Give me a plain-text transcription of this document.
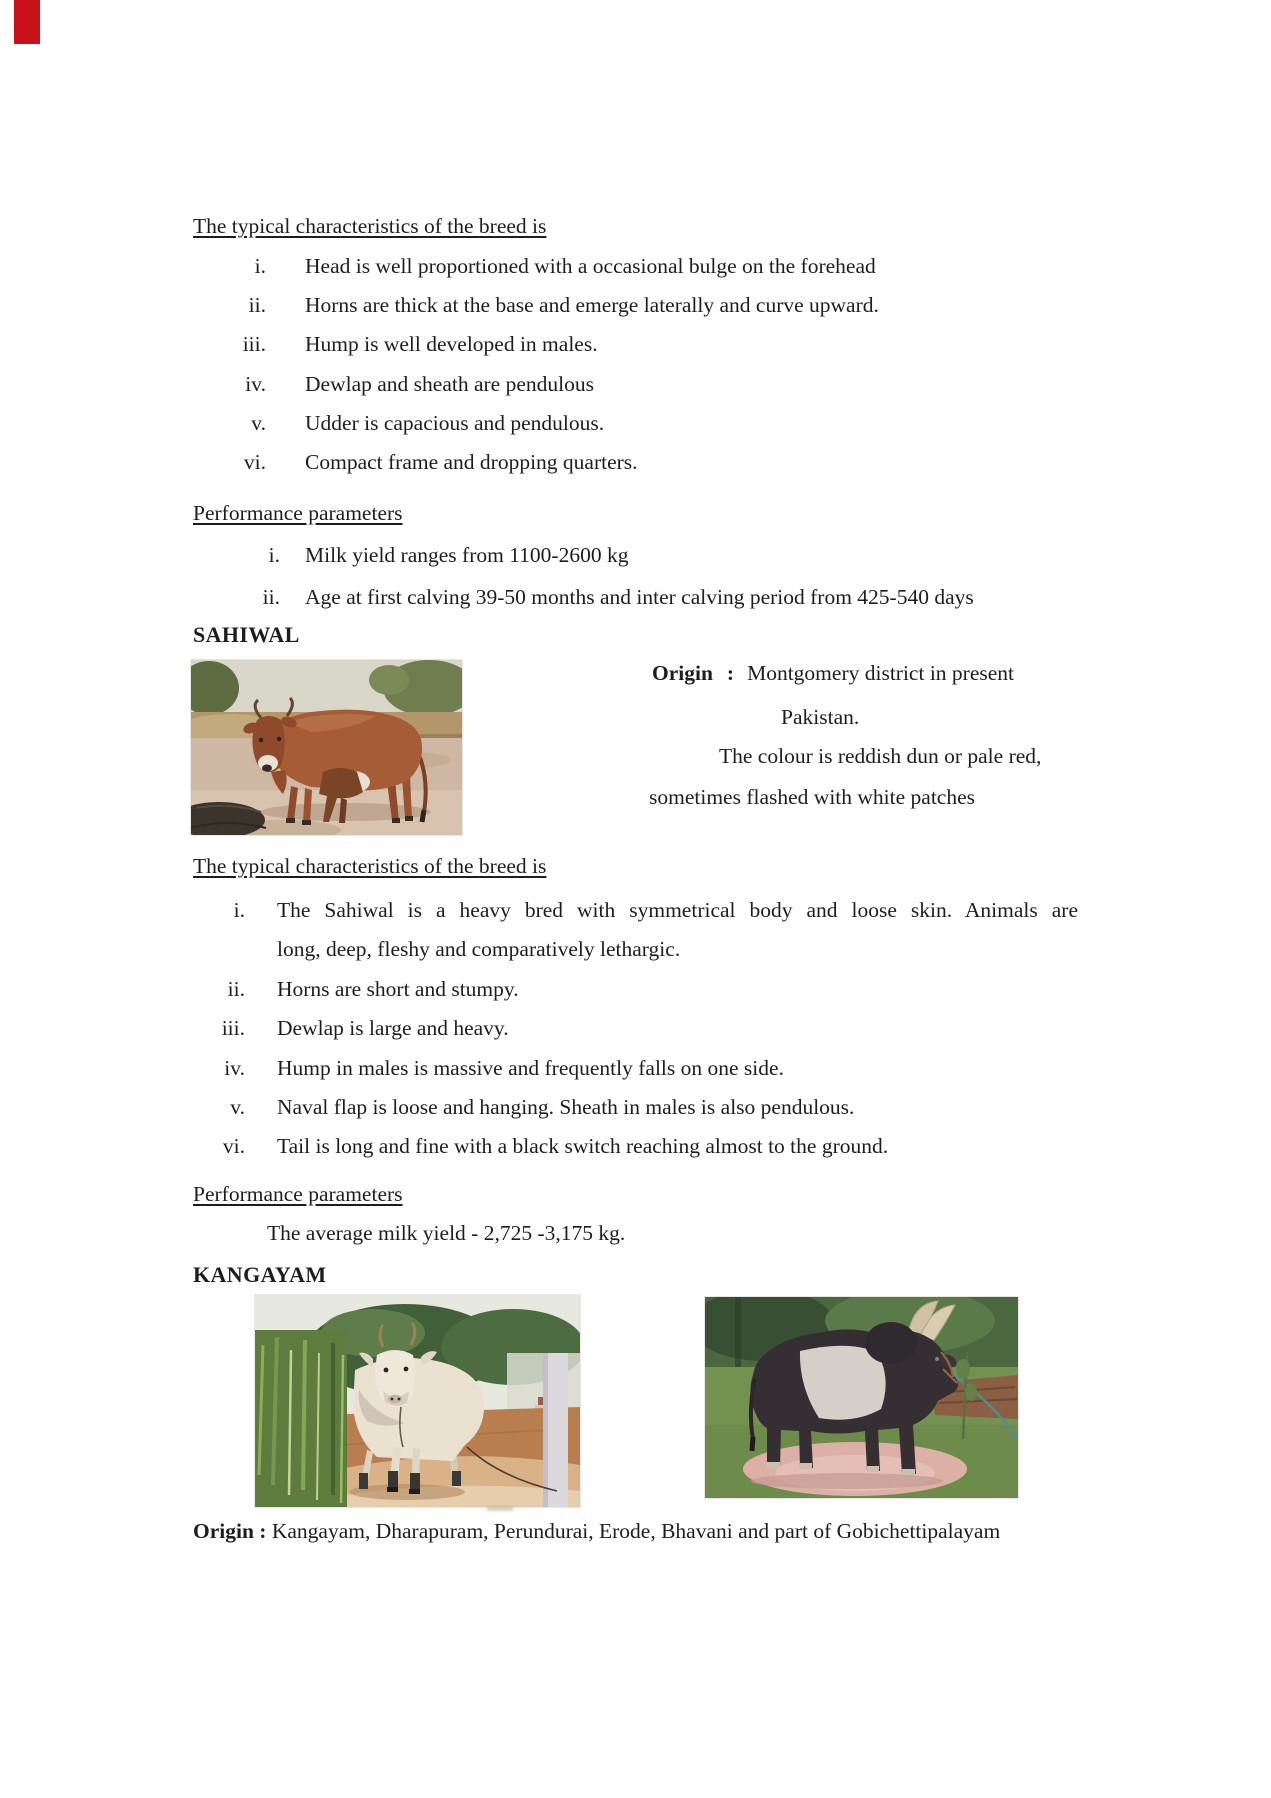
The typical characteristics of the breed is
i. Head is well proportioned with a occasional bulge on the forehead
ii. Horns are thick at the base and emerge laterally and curve upward.
iii. Hump is well developed in males.
iv. Dewlap and sheath are pendulous
v. Udder is capacious and pendulous.
vi. Compact frame and dropping quarters.
Performance parameters
i. Milk yield ranges from 1100-2600 kg
ii. Age at first calving 39-50 months and inter calving period from 425-540 days
SAHIWAL
Origin : Montgomery district in present
Pakistan.
The colour is reddish dun or pale red,
sometimes flashed with white patches
The typical characteristics of the breed is
i. The Sahiwal is a heavy bred with symmetrical body and loose skin. Animals are
long, deep, fleshy and comparatively lethargic.
ii. Horns are short and stumpy.
iii. Dewlap is large and heavy.
iv. Hump in males is massive and frequently falls on one side.
v. Naval flap is loose and hanging. Sheath in males is also pendulous.
vi. Tail is long and fine with a black switch reaching almost to the ground.
Performance parameters
The average milk yield - 2,725 -3,175 kg.
KANGAYAM
Origin : Kangayam, Dharapuram, Perundurai, Erode, Bhavani and part of Gobichettipalayam
